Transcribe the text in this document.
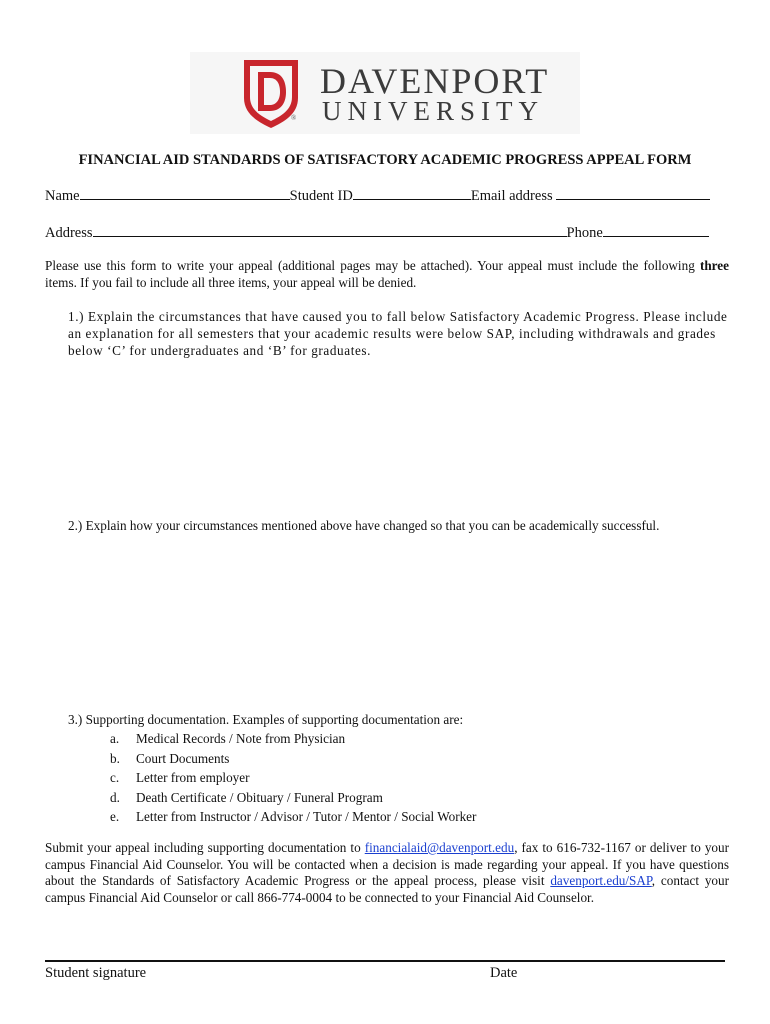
®
DAVENPORT
UNIVERSITY
FINANCIAL AID STANDARDS OF SATISFACTORY ACADEMIC PROGRESS APPEAL FORM
Name	Student ID	Email address
Address	Phone
Please use this form to write your appeal (additional pages may be attached). Your appeal must include the following three items. If you fail to include all three items, your appeal will be denied.
1.) Explain the circumstances that have caused you to fall below Satisfactory Academic Progress. Please include an explanation for all semesters that your academic results were below SAP, including withdrawals and grades below ‘C’ for undergraduates and ‘B’ for graduates.
2.) Explain how your circumstances mentioned above have changed so that you can be academically successful.
3.) Supporting documentation. Examples of supporting documentation are:
a. Medical Records / Note from Physician
b. Court Documents
c. Letter from employer
d. Death Certificate / Obituary / Funeral Program
e. Letter from Instructor / Advisor / Tutor / Mentor / Social Worker
Submit your appeal including supporting documentation to financialaid@davenport.edu, fax to 616-732-1167 or deliver to your campus Financial Aid Counselor. You will be contacted when a decision is made regarding your appeal. If you have questions about the Standards of Satisfactory Academic Progress or the appeal process, please visit davenport.edu/SAP, contact your campus Financial Aid Counselor or call 866-774-0004 to be connected to your Financial Aid Counselor.
Student signature	Date
